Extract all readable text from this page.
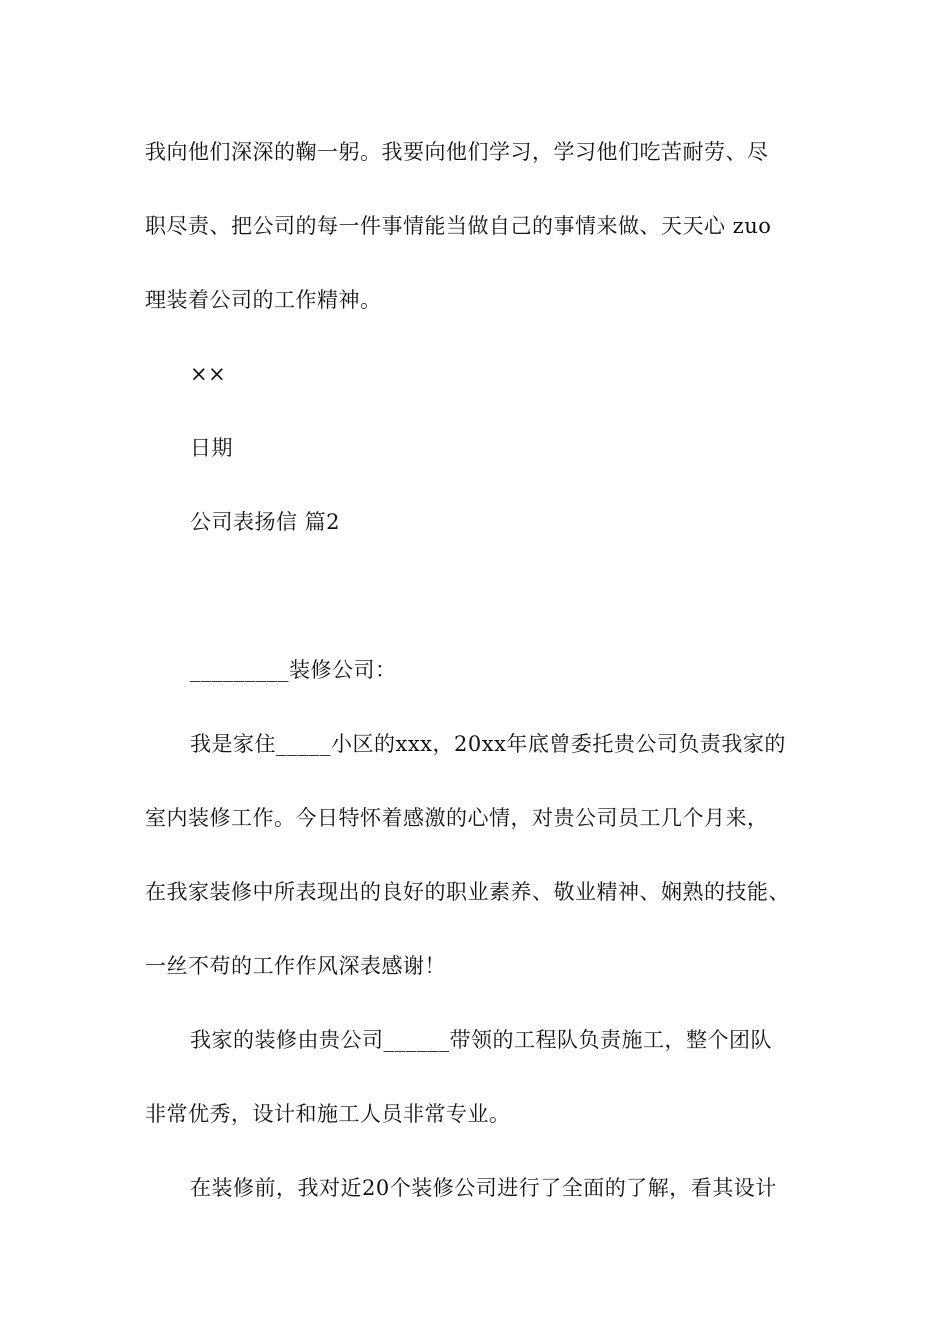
我向他们深深的鞠一躬。我要向他们学习，学习他们吃苦耐劳、尽
职尽责、把公司的每一件事情能当做自己的事情来做、天天心 zuo
理装着公司的工作精神。
××
日期
公司表扬信 篇2
_________装修公司：
我是家住_____小区的xxx，20xx年底曾委托贵公司负责我家的
室内装修工作。今日特怀着感激的心情，对贵公司员工几个月来，
在我家装修中所表现出的良好的职业素养、敬业精神、娴熟的技能、
一丝不苟的工作作风深表感谢！
我家的装修由贵公司______带领的工程队负责施工，整个团队
非常优秀，设计和施工人员非常专业。
在装修前，我对近20个装修公司进行了全面的了解，看其设计
